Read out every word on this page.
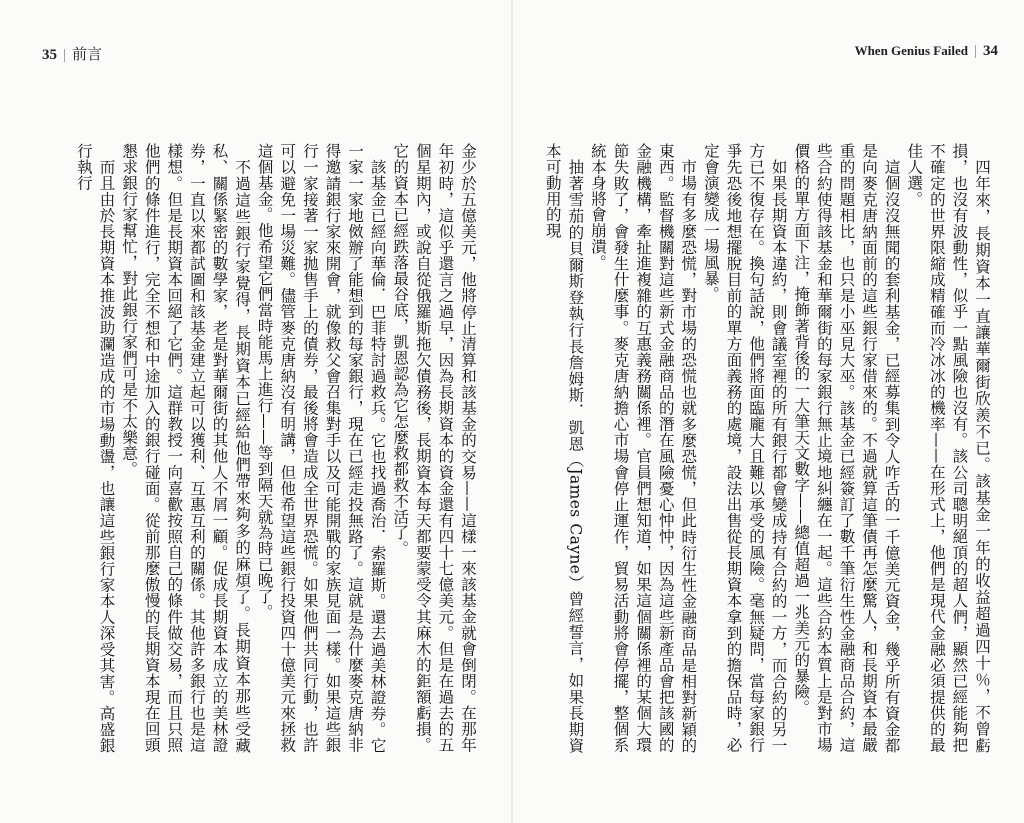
35 | 前言

金少於五億美元，他將停止清算和該基金的交易——這樣一來該基金就會倒閉。在那年年初時，這似乎還言之過早，因為長期資本的資金還有四十七億美元。但是在過去的五個星期內，或說自從俄羅斯拖欠債務後，長期資本每天都要蒙受令其麻木的鉅額虧損。它的資本已經跌落最谷底，凱恩認為它怎麼救都救不活了。

該基金已經向華倫．巴菲特討過救兵。它也找過喬治．索羅斯。還去過美林證券。它一家一家地傚辦了能想到的每家銀行，現在已經走投無路了。這就是為什麼麥克唐納非得邀請銀行家來開會，就像救父會召集對手以及可能開戰的家族見面一樣。如果這些銀行一家接著一家拋售手上的債券，最後將會造成全世界恐慌。如果他們共同行動，也許可以避免一場災難。儘管麥克唐納沒有明講，但他希望這些銀行投資四十億美元來拯救這個基金。他希望它們當時能馬上進行——等到隔天就為時已晚了。

不過這些銀行家覺得，長期資本已經給他們帶來夠多的麻煩了。長期資本那些受藏私、關係緊密的數學家，老是對華爾街的其他人不屑一顧。促成長期資本成立的美林證券，一直以來都試圖和該基金建立起可以獲利、互惠互利的關係。其他許多銀行也是這樣想。但是長期資本回絕了它們。這群教授一向喜歡按照自己的條件做交易，而且只照他們的條件進行，完全不想和中途加入的銀行碰面。從前那麼傲慢的長期資本現在回頭懇求銀行家幫忙，對此銀行家們可是不太樂意。

而且由於長期資本推波助瀾造成的市場動盪，也讓這些銀行家本人深受其害。高盛銀行執行

When Genius Failed | 34

四年來，長期資本一直讓華爾街欣羨不已。該基金一年的收益超過四十％，不曾虧損，也沒有波動性，似乎一點風險也沒有。該公司聰明絕頂的超人們，顯然已經能夠把不確定的世界限縮成精確而冷冰冰的機率——在形式上，他們是現代金融必須提供的最佳人選。

這個沒沒無聞的套利基金，已經募集到令人咋舌的一千億美元資金，幾乎所有資金都是向麥克唐納面前的這些銀行家借來的。不過就算這筆債再怎麼驚人，和長期資本最嚴重的問題相比，也只是小巫見大巫。該基金已經簽訂了數千筆衍生性金融商品合約，這些合約使得該基金和華爾街的每家銀行無止境地糾纏在一起。這些合約本質上是對市場價格的單方面下注，掩飾著背後的一大筆天文數字——總值超過一兆美元的暴險。

如果長期資本違約，則會議室裡的所有銀行都會變成持有合約的一方，而合約的另一方已不復存在。換句話說，他們將面臨龐大且難以承受的風險。毫無疑問，當每家銀行爭先恐後地想擺脫目前的單方面義務的處境，設法出售從長期資本拿到的擔保品時，必定會演變成一場風暴。

市場有多麼恐慌，對市場的恐慌也就多麼恐慌，但此時衍生性金融商品是相對新穎的東西。監督機關對這些新式金融商品的潛在風險憂心忡忡，因為這些新產品會把該國的金融機構，牽扯進複雜的互惠義務關係裡。官員們想知道，如果這個關係裡的某個大環節失敗了，會發生什麼事。麥克唐納擔心市場會停止運作，貿易活動將會停擺，整個系統本身將會崩潰。

抽著雪茄的貝爾斯登執行長詹姆斯．凱恩（James Cayne）曾經誓言，如果長期資本可動用的現
